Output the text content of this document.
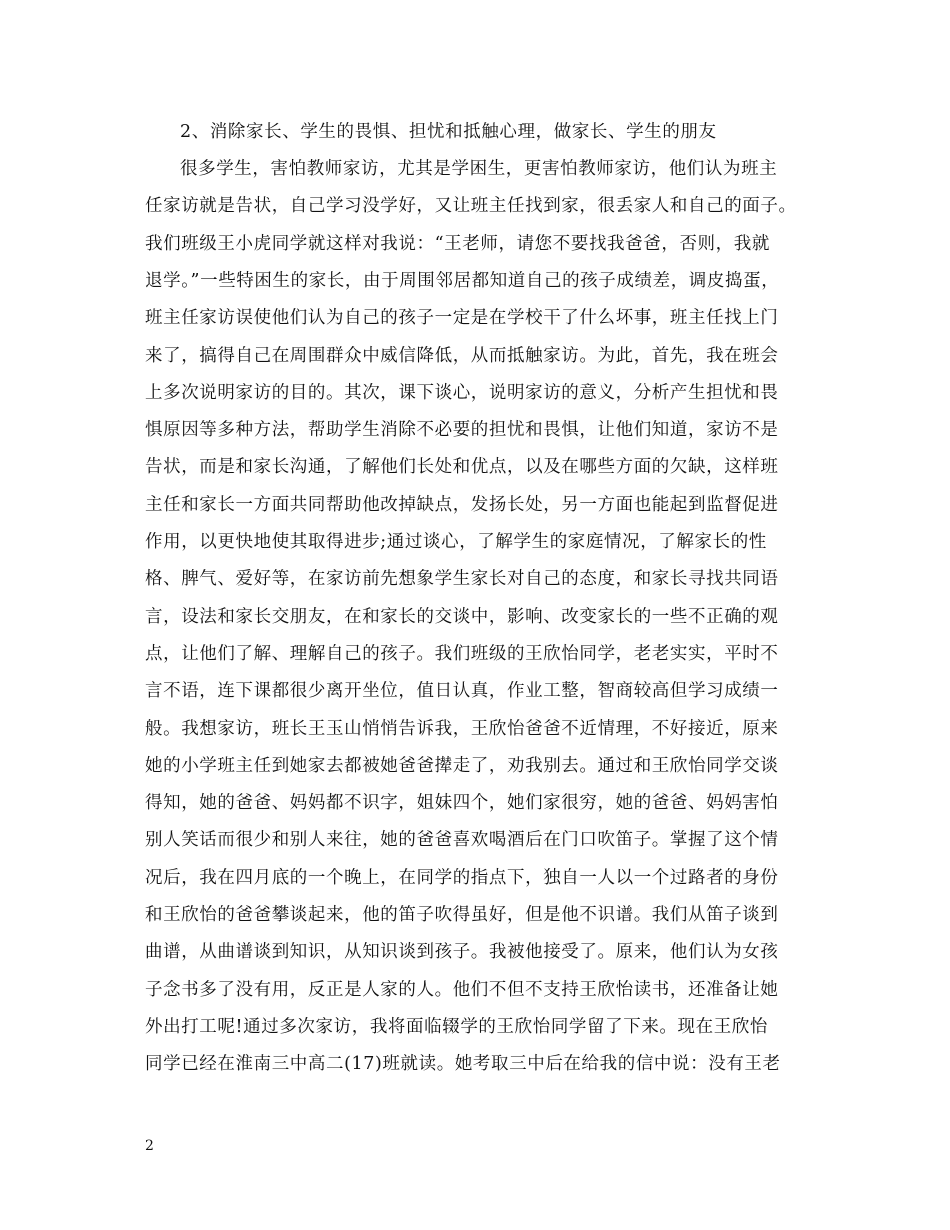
2、消除家长、学生的畏惧、担忧和抵触心理，做家长、学生的朋友
很多学生，害怕教师家访，尤其是学困生，更害怕教师家访，他们认为班主
任家访就是告状，自己学习没学好，又让班主任找到家，很丢家人和自己的面子。
我们班级王小虎同学就这样对我说：“王老师，请您不要找我爸爸，否则，我就
退学。”一些特困生的家长，由于周围邻居都知道自己的孩子成绩差，调皮捣蛋，
班主任家访误使他们认为自己的孩子一定是在学校干了什么坏事，班主任找上门
来了，搞得自己在周围群众中威信降低，从而抵触家访。为此，首先，我在班会
上多次说明家访的目的。其次，课下谈心，说明家访的意义，分析产生担忧和畏
惧原因等多种方法，帮助学生消除不必要的担忧和畏惧，让他们知道，家访不是
告状，而是和家长沟通，了解他们长处和优点，以及在哪些方面的欠缺，这样班
主任和家长一方面共同帮助他改掉缺点，发扬长处，另一方面也能起到监督促进
作用，以更快地使其取得进步;通过谈心，了解学生的家庭情况，了解家长的性
格、脾气、爱好等，在家访前先想象学生家长对自己的态度，和家长寻找共同语
言，设法和家长交朋友，在和家长的交谈中，影响、改变家长的一些不正确的观
点，让他们了解、理解自己的孩子。我们班级的王欣怡同学，老老实实，平时不
言不语，连下课都很少离开坐位，值日认真，作业工整，智商较高但学习成绩一
般。我想家访，班长王玉山悄悄告诉我，王欣怡爸爸不近情理，不好接近，原来
她的小学班主任到她家去都被她爸爸撵走了，劝我别去。通过和王欣怡同学交谈
得知，她的爸爸、妈妈都不识字，姐妹四个，她们家很穷，她的爸爸、妈妈害怕
别人笑话而很少和别人来往，她的爸爸喜欢喝酒后在门口吹笛子。掌握了这个情
况后，我在四月底的一个晚上，在同学的指点下，独自一人以一个过路者的身份
和王欣怡的爸爸攀谈起来，他的笛子吹得虽好，但是他不识谱。我们从笛子谈到
曲谱，从曲谱谈到知识，从知识谈到孩子。我被他接受了。原来，他们认为女孩
子念书多了没有用，反正是人家的人。他们不但不支持王欣怡读书，还准备让她
外出打工呢!通过多次家访，我将面临辍学的王欣怡同学留了下来。现在王欣怡
同学已经在淮南三中高二(17)班就读。她考取三中后在给我的信中说：没有王老
2
